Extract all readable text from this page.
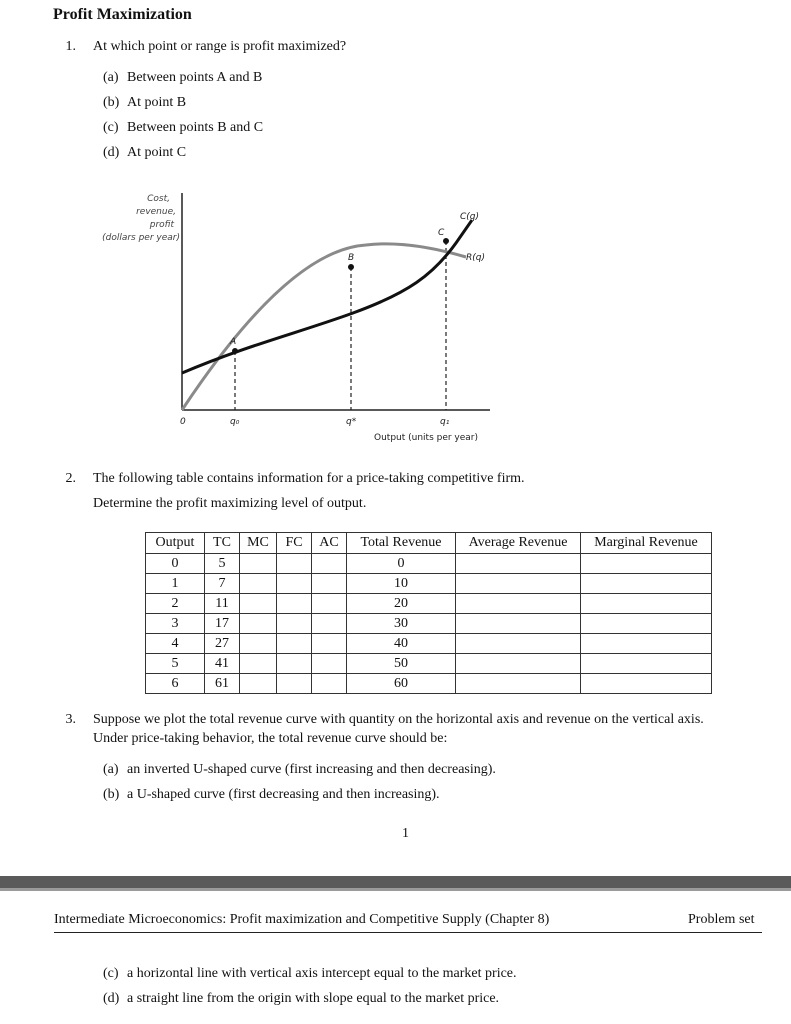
Profit Maximization
1. At which point or range is profit maximized?
(a) Between points A and B
(b) At point B
(c) Between points B and C
(d) At point C
Cost,
revenue,
profit
(dollars per year)
A
B
C
C(q)
R(q)
0	q₀	q*	q₁
Output (units per year)
2. The following table contains information for a price-taking competitive firm.
Determine the profit maximizing level of output.
Output	TC	MC	FC	AC	Total Revenue	Average Revenue	Marginal Revenue
0	5				0		
1	7				10		
2	11				20		
3	17				30		
4	27				40		
5	41				50		
6	61				60		
3. Suppose we plot the total revenue curve with quantity on the horizontal axis and revenue on the vertical axis.
Under price-taking behavior, the total revenue curve should be:
(a) an inverted U-shaped curve (first increasing and then decreasing).
(b) a U-shaped curve (first decreasing and then increasing).
1
Intermediate Microeconomics: Profit maximization and Competitive Supply (Chapter 8)	Problem set
(c) a horizontal line with vertical axis intercept equal to the market price.
(d) a straight line from the origin with slope equal to the market price.
